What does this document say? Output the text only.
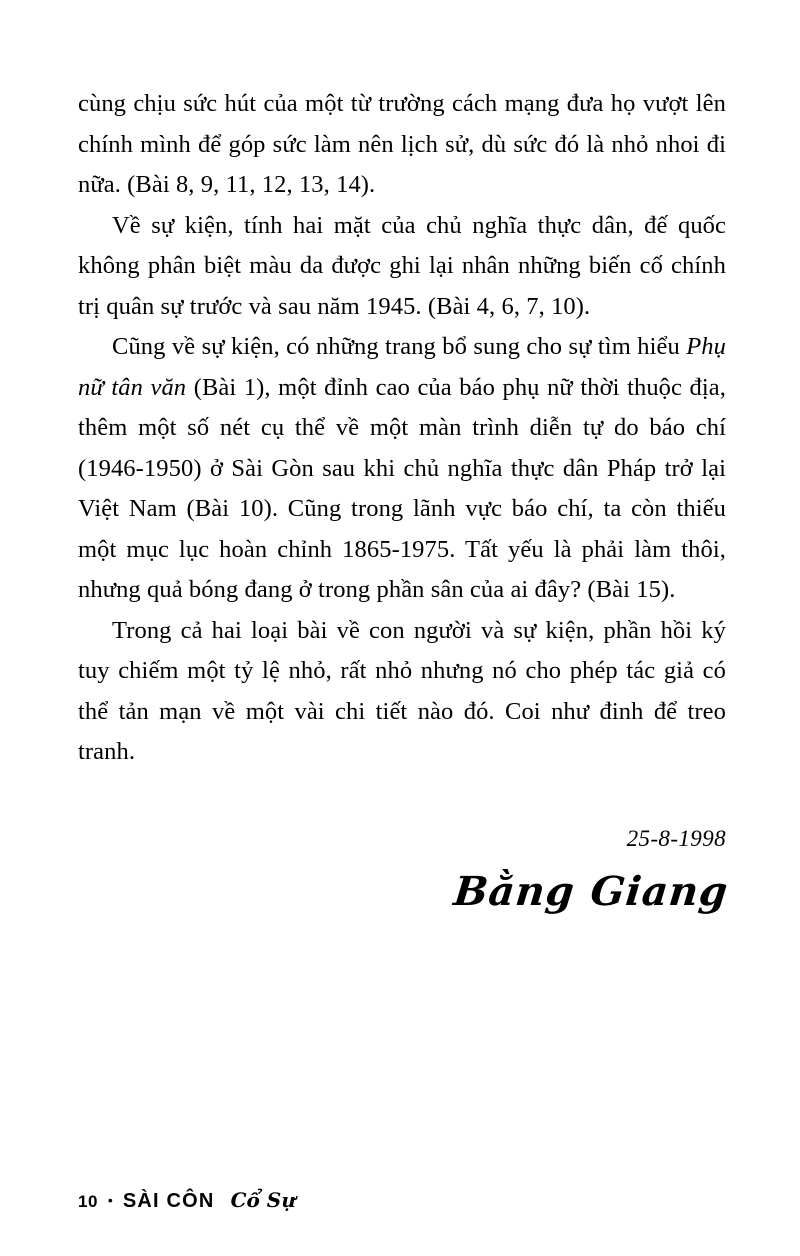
cùng chịu sức hút của một từ trường cách mạng đưa họ vượt lên chính mình để góp sức làm nên lịch sử, dù sức đó là nhỏ nhoi đi nữa. (Bài 8, 9, 11, 12, 13, 14).

Về sự kiện, tính hai mặt của chủ nghĩa thực dân, đế quốc không phân biệt màu da được ghi lại nhân những biến cố chính trị quân sự trước và sau năm 1945. (Bài 4, 6, 7, 10).

Cũng về sự kiện, có những trang bổ sung cho sự tìm hiểu Phụ nữ tân văn (Bài 1), một đỉnh cao của báo phụ nữ thời thuộc địa, thêm một số nét cụ thể về một màn trình diễn tự do báo chí (1946-1950) ở Sài Gòn sau khi chủ nghĩa thực dân Pháp trở lại Việt Nam (Bài 10). Cũng trong lãnh vực báo chí, ta còn thiếu một mục lục hoàn chỉnh 1865-1975. Tất yếu là phải làm thôi, nhưng quả bóng đang ở trong phần sân của ai đây? (Bài 15).

Trong cả hai loại bài về con người và sự kiện, phần hồi ký tuy chiếm một tỷ lệ nhỏ, rất nhỏ nhưng nó cho phép tác giả có thể tản mạn về một vài chi tiết nào đó. Coi như đinh để treo tranh.

25-8-1998
Bằng Giang
10 • SÀI CÔN Cổ Sự
